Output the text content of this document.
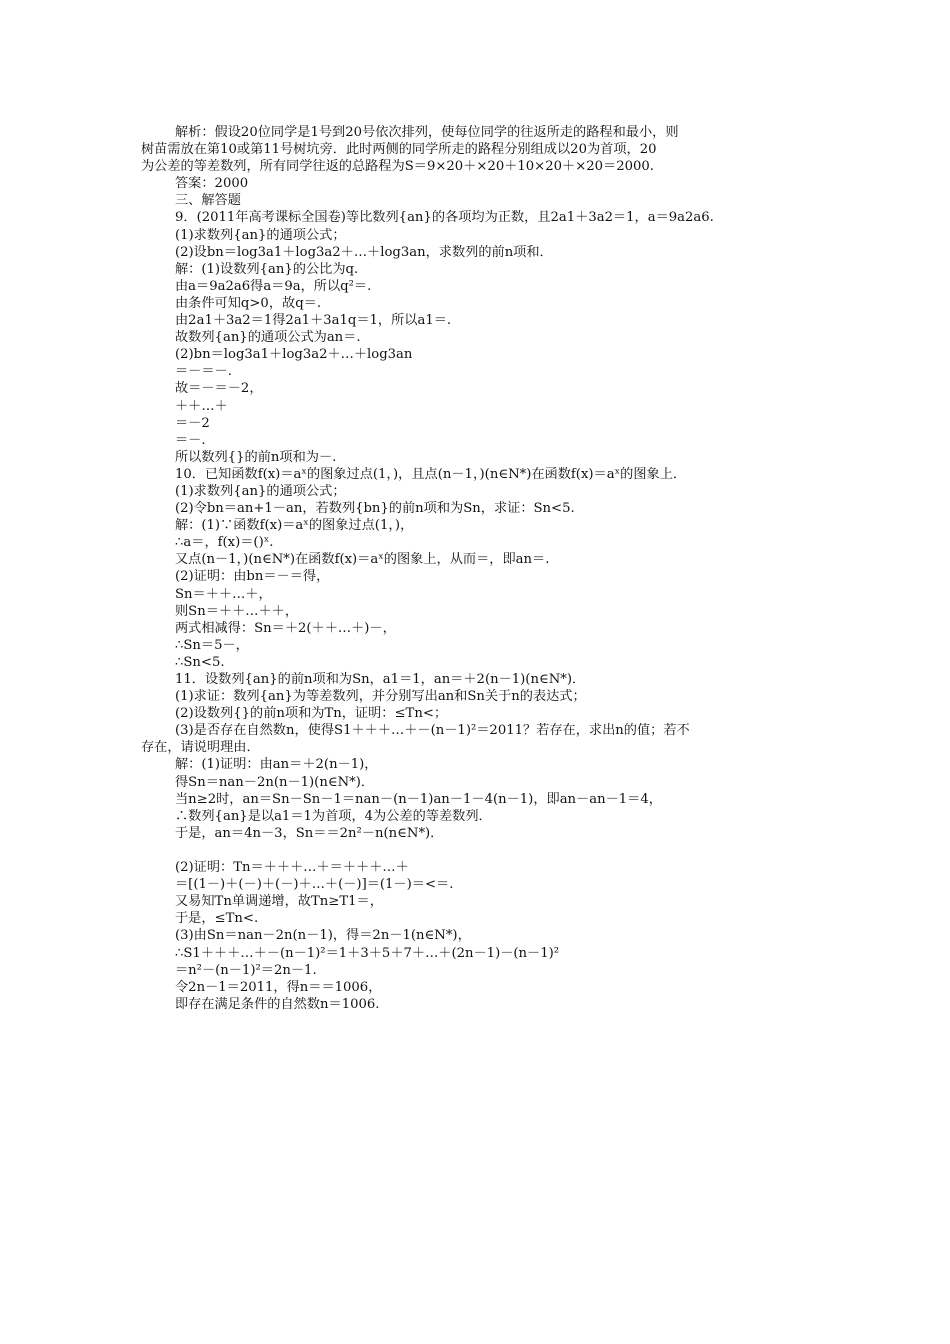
解析：假设20位同学是1号到20号依次排列，使每位同学的往返所走的路程和最小，则
树苗需放在第10或第11号树坑旁．此时两侧的同学所走的路程分别组成以20为首项，20
为公差的等差数列，所有同学往返的总路程为S＝9×20＋×20＋10×20＋×20＝2000.
答案：2000
三、解答题
9．(2011年高考课标全国卷)等比数列{an}的各项均为正数，且2a1＋3a2＝1，a＝9a2a6.
(1)求数列{an}的通项公式；
(2)设bn＝log3a1＋log3a2＋…＋log3an，求数列的前n项和．
解：(1)设数列{an}的公比为q.
由a＝9a2a6得a＝9a，所以q²＝.
由条件可知q>0，故q＝.
由2a1＋3a2＝1得2a1＋3a1q＝1，所以a1＝.
故数列{an}的通项公式为an＝.
(2)bn＝log3a1＋log3a2＋…＋log3an
＝－＝－.
故＝－＝－2，
＋＋…＋
＝－2
＝－.
所以数列{}的前n项和为－.
10．已知函数f(x)＝aˣ的图象过点(1，)，且点(n－1，)(n∈N*)在函数f(x)＝aˣ的图象上．
(1)求数列{an}的通项公式；
(2)令bn＝an+1－an，若数列{bn}的前n项和为Sn，求证：Sn<5.
解：(1)∵函数f(x)＝aˣ的图象过点(1，)，
∴a＝，f(x)＝()ˣ.
又点(n－1，)(n∈N*)在函数f(x)＝aˣ的图象上，从而＝，即an＝.
(2)证明：由bn＝－＝得，
Sn＝＋＋…＋，
则Sn＝＋＋…＋＋，
两式相减得：Sn＝＋2(＋＋…＋)－，
∴Sn＝5－，
∴Sn<5.
11．设数列{an}的前n项和为Sn，a1＝1，an＝＋2(n－1)(n∈N*)．
(1)求证：数列{an}为等差数列，并分别写出an和Sn关于n的表达式；
(2)设数列{}的前n项和为Tn，证明：≤Tn<；
(3)是否存在自然数n，使得S1＋＋＋…＋－(n－1)²＝2011？若存在，求出n的值；若不
存在，请说明理由．
解：(1)证明：由an＝＋2(n－1)，
得Sn＝nan－2n(n－1)(n∈N*)．
当n≥2时，an＝Sn－Sn－1＝nan－(n－1)an－1－4(n－1)，即an－an－1＝4，
∴数列{an}是以a1＝1为首项，4为公差的等差数列．
于是，an＝4n－3，Sn＝＝2n²－n(n∈N*)．
(2)证明：Tn＝＋＋＋…＋＝＋＋＋…＋
＝[(1－)＋(－)＋(－)＋…＋(－)]＝(1－)＝<＝.
又易知Tn单调递增，故Tn≥T1＝，
于是，≤Tn<.
(3)由Sn＝nan－2n(n－1)，得＝2n－1(n∈N*)，
∴S1＋＋＋…＋－(n－1)²＝1＋3＋5＋7＋…＋(2n－1)－(n－1)²
＝n²－(n－1)²＝2n－1.
令2n－1＝2011，得n＝＝1006，
即存在满足条件的自然数n＝1006.
